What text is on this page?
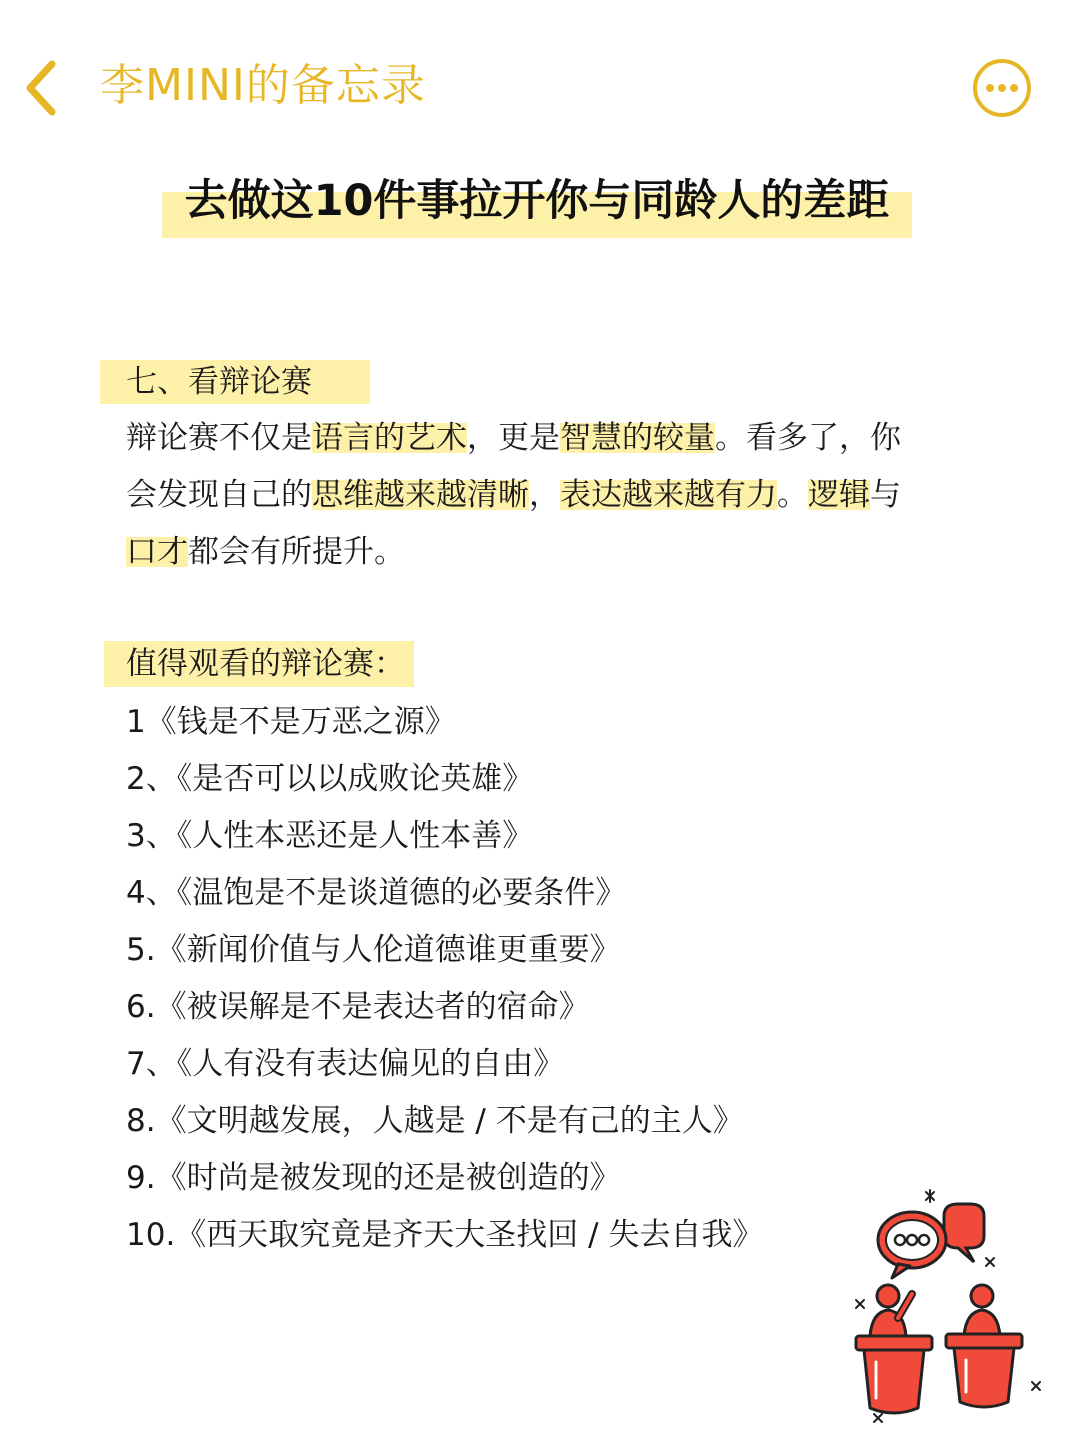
李MINI的备忘录
去做这10件事拉开你与同龄人的差距
七、看辩论赛
辩论赛不仅是语言的艺术，更是智慧的较量。看多了，你
会发现自己的思维越来越清晰，表达越来越有力。逻辑与
口才都会有所提升。
值得观看的辩论赛：
1《钱是不是万恶之源》
2、《是否可以以成败论英雄》
3、《人性本恶还是人性本善》
4、《温饱是不是谈道德的必要条件》
5.《新闻价值与人伦道德谁更重要》
6.《被误解是不是表达者的宿命》
7、《人有没有表达偏见的自由》
8.《文明越发展，人越是 / 不是有己的主人》
9.《时尚是被发现的还是被创造的》
10.《西天取究竟是齐天大圣找回 / 失去自我》
